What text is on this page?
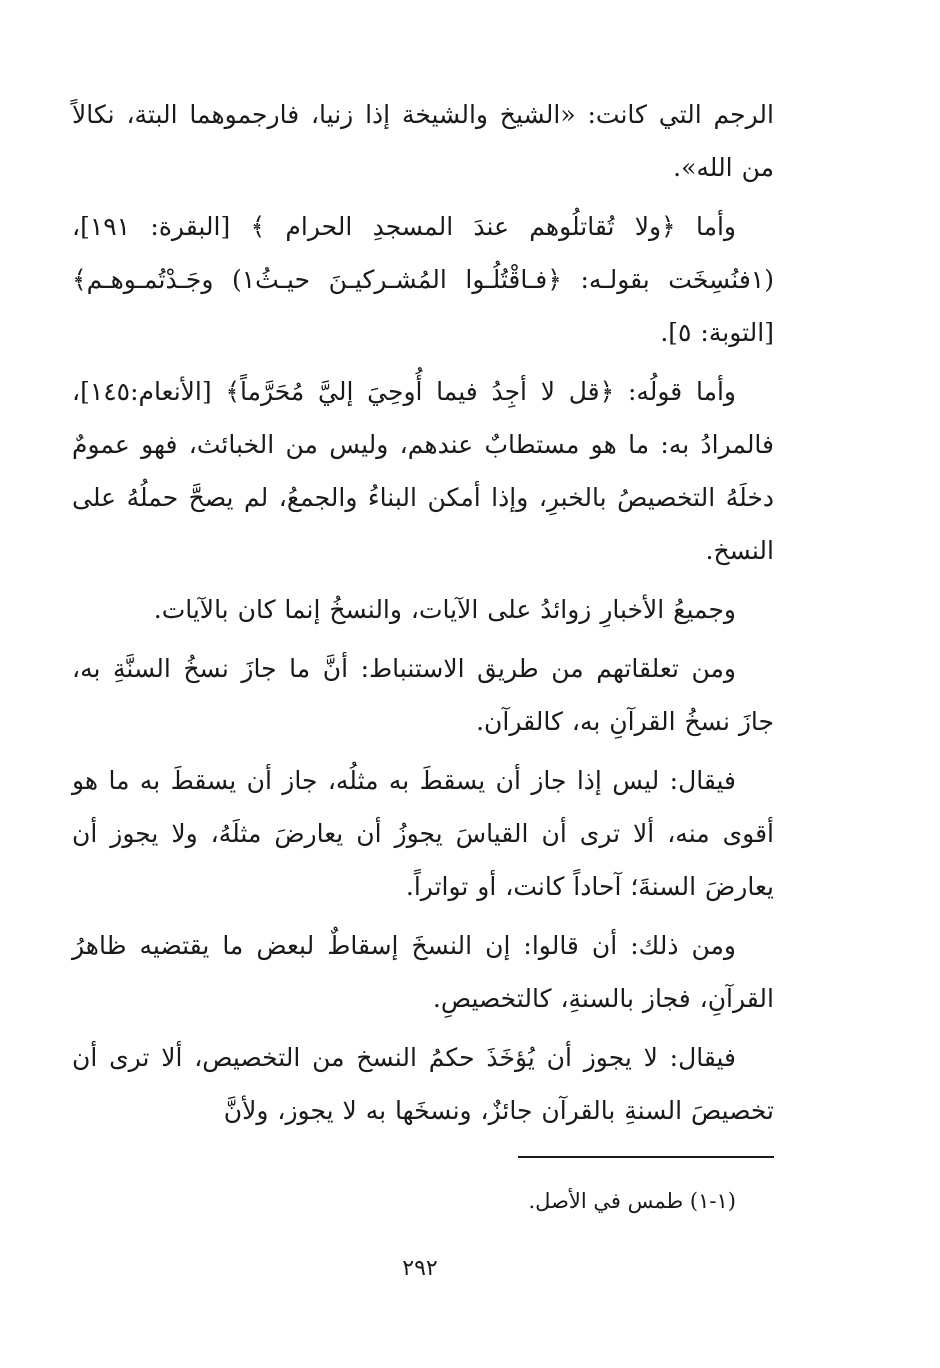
الرجم التي كانت: «الشيخ والشيخة إذا زنيا، فارجموهما البتة، نكالاً من الله».

وأما ﴿ولا تُقاتلُوهم عندَ المسجدِ الحرام ﴾ [البقرة: ١٩١]، (١فنُسِخَت بقولـه: ﴿فـاقْتُلُـوا المُشـركيـنَ حيـثُ١) وجَـدْتُمـوهـم﴾ [التوبة: ٥].

وأما قولُه: ﴿قل لا أجِدُ فيما أُوحِيَ إليَّ مُحَرَّماً﴾ [الأنعام:١٤٥]، فالمرادُ به: ما هو مستطابٌ عندهم، وليس من الخبائث، فهو عمومٌ دخلَهُ التخصيصُ بالخبرِ، وإذا أمكن البناءُ والجمعُ، لم يصحَّ حملُهُ على النسخ.

وجميعُ الأخبارِ زوائدُ على الآيات، والنسخُ إنما كان بالآيات.

ومن تعلقاتهم من طريق الاستنباط: أنَّ ما جازَ نسخُ السنَّةِ به، جازَ نسخُ القرآنِ به، كالقرآن.

فيقال: ليس إذا جاز أن يسقطَ به مثلُه، جاز أن يسقطَ به ما هو أقوى منه، ألا ترى أن القياسَ يجوزُ أن يعارضَ مثلَهُ، ولا يجوز أن يعارضَ السنةَ؛ آحاداً كانت، أو تواتراً.

ومن ذلك: أن قالوا: إن النسخَ إسقاطٌ لبعض ما يقتضيه ظاهرُ القرآنِ، فجاز بالسنةِ، كالتخصيصِ.

فيقال: لا يجوز أن يُؤخَذَ حكمُ النسخ من التخصيص، ألا ترى أن تخصيصَ السنةِ بالقرآن جائزٌ، ونسخَها به لا يجوز، ولأنَّ

(١-١) طمس في الأصل.
٢٩٢
